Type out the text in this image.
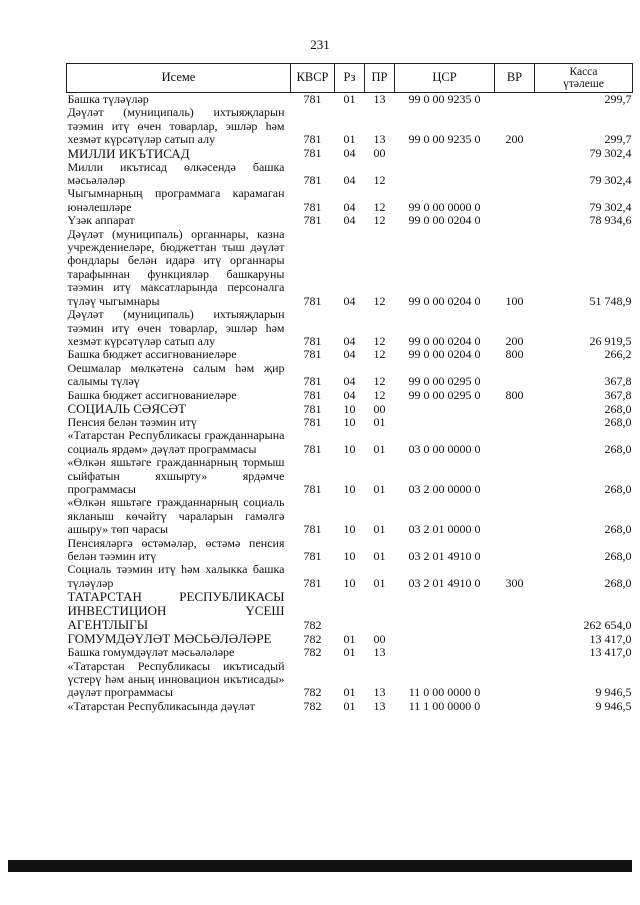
231
Исеме	КВСР	Рз	ПР	ЦСР	ВР	Касса
үтәлеше
Башка түләүләр	781	01	13	99 0 00 9235 0		299,7
Дәүләт (муниципаль) ихтыяҗларын тәэмин итү өчен товарлар, эшләр һәм хезмәт күрсәтүләр сатып алу	781	01	13	99 0 00 9235 0	200	299,7
МИЛЛИ ИКЪТИСАД	781	04	00			79 302,4
Милли икътисад өлкәсендә башка мәсьәләләр	781	04	12			79 302,4
Чыгымнарның программага карамаган юнәлешләре	781	04	12	99 0 00 0000 0		79 302,4
Үзәк аппарат	781	04	12	99 0 00 0204 0		78 934,6
Дәүләт (муниципаль) органнары, казна учреждениеләре, бюджеттан тыш дәүләт фондлары белән идарә итү органнары тарафыннан функцияләр башкаруны тәэмин итү максатларында персоналга түләү чыгымнары	781	04	12	99 0 00 0204 0	100	51 748,9
Дәүләт (муниципаль) ихтыяҗларын тәэмин итү өчен товарлар, эшләр һәм хезмәт күрсәтүләр сатып алу	781	04	12	99 0 00 0204 0	200	26 919,5
Башка бюджет ассигнованиеләре	781	04	12	99 0 00 0204 0	800	266,2
Оешмалар мөлкәтенә салым һәм җир салымы түләү	781	04	12	99 0 00 0295 0		367,8
Башка бюджет ассигнованиеләре	781	04	12	99 0 00 0295 0	800	367,8
СОЦИАЛЬ СӘЯСӘТ	781	10	00			268,0
Пенсия белән тәэмин итү	781	10	01			268,0
«Татарстан Республикасы гражданнарына социаль ярдәм» дәүләт программасы	781	10	01	03 0 00 0000 0		268,0
«Өлкән яшьтәге гражданнарның тормыш сыйфатын яхшырту» ярдәмче программасы	781	10	01	03 2 00 0000 0		268,0
«Өлкән яшьтәге гражданнарның социаль якланыш көчәйтү чараларын гамәлгә ашыру» төп чарасы	781	10	01	03 2 01 0000 0		268,0
Пенсияләргә өстәмәләр, өстәмә пенсия белән тәэмин итү	781	10	01	03 2 01 4910 0		268,0
Социаль тәэмин итү һәм халыкка башка түләүләр	781	10	01	03 2 01 4910 0	300	268,0
ТАТАРСТАН РЕСПУБЛИКАСЫ ИНВЕСТИЦИОН ҮСЕШ АГЕНТЛЫГЫ	782					262 654,0
ГОМУМДӘҮЛӘТ МӘСЬӘЛӘЛӘРЕ	782	01	00			13 417,0
Башка гомумдәүләт мәсьәләләре	782	01	13			13 417,0
«Татарстан Республикасы икътисадый үстерү һәм аның инновацион икътисады» дәүләт программасы	782	01	13	11 0 00 0000 0		9 946,5
«Татарстан Республикасында дәүләт	782	01	13	11 1 00 0000 0		9 946,5
